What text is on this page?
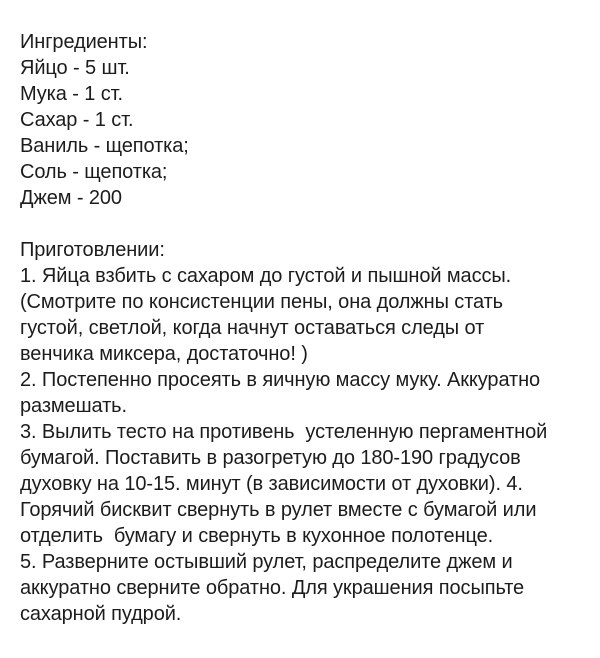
Ингредиенты:
Яйцо - 5 шт.
Мука - 1 ст.
Сахар - 1 ст.
Ваниль - щепотка;
Соль - щепотка;
Джем - 200
Приготовлении:
1. Яйца взбить с сахаром до густой и пышной массы.
(Смотрите по консистенции пены, она должны стать
густой, светлой, когда начнут оставаться следы от
венчика миксера, достаточно! )
2. Постепенно просеять в яичную массу муку. Аккуратно
размешать.
3. Вылить тесто на противень  устеленную пергаментной
бумагой. Поставить в разогретую до 180-190 градусов
духовку на 10-15. минут (в зависимости от духовки). 4.
Горячий бисквит свернуть в рулет вместе с бумагой или
отделить  бумагу и свернуть в кухонное полотенце.
5. Разверните остывший рулет, распределите джем и
аккуратно сверните обратно. Для украшения посыпьте
сахарной пудрой.
